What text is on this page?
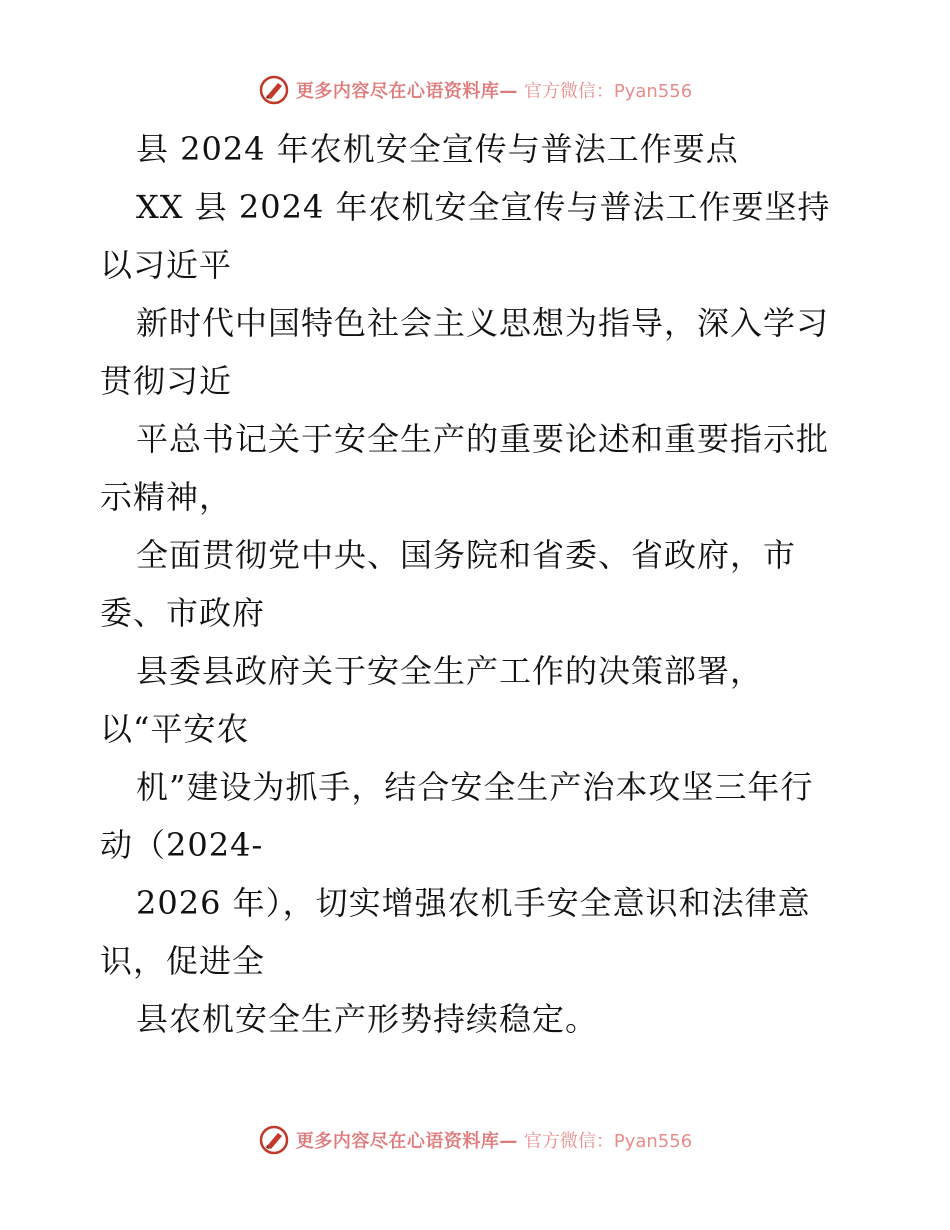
更多内容尽在心语资料库— 官方微信：Pyan556
县 2024 年农机安全宣传与普法工作要点
XX 县 2024 年农机安全宣传与普法工作要坚持
以习近平
新时代中国特色社会主义思想为指导，深入学习
贯彻习近
平总书记关于安全生产的重要论述和重要指示批
示精神，
全面贯彻党中央、国务院和省委、省政府，市
委、市政府
县委县政府关于安全生产工作的决策部署，
以“平安农
机”建设为抓手，结合安全生产治本攻坚三年行
动（2024-
2026 年），切实增强农机手安全意识和法律意
识，促进全
县农机安全生产形势持续稳定。
更多内容尽在心语资料库— 官方微信：Pyan556
